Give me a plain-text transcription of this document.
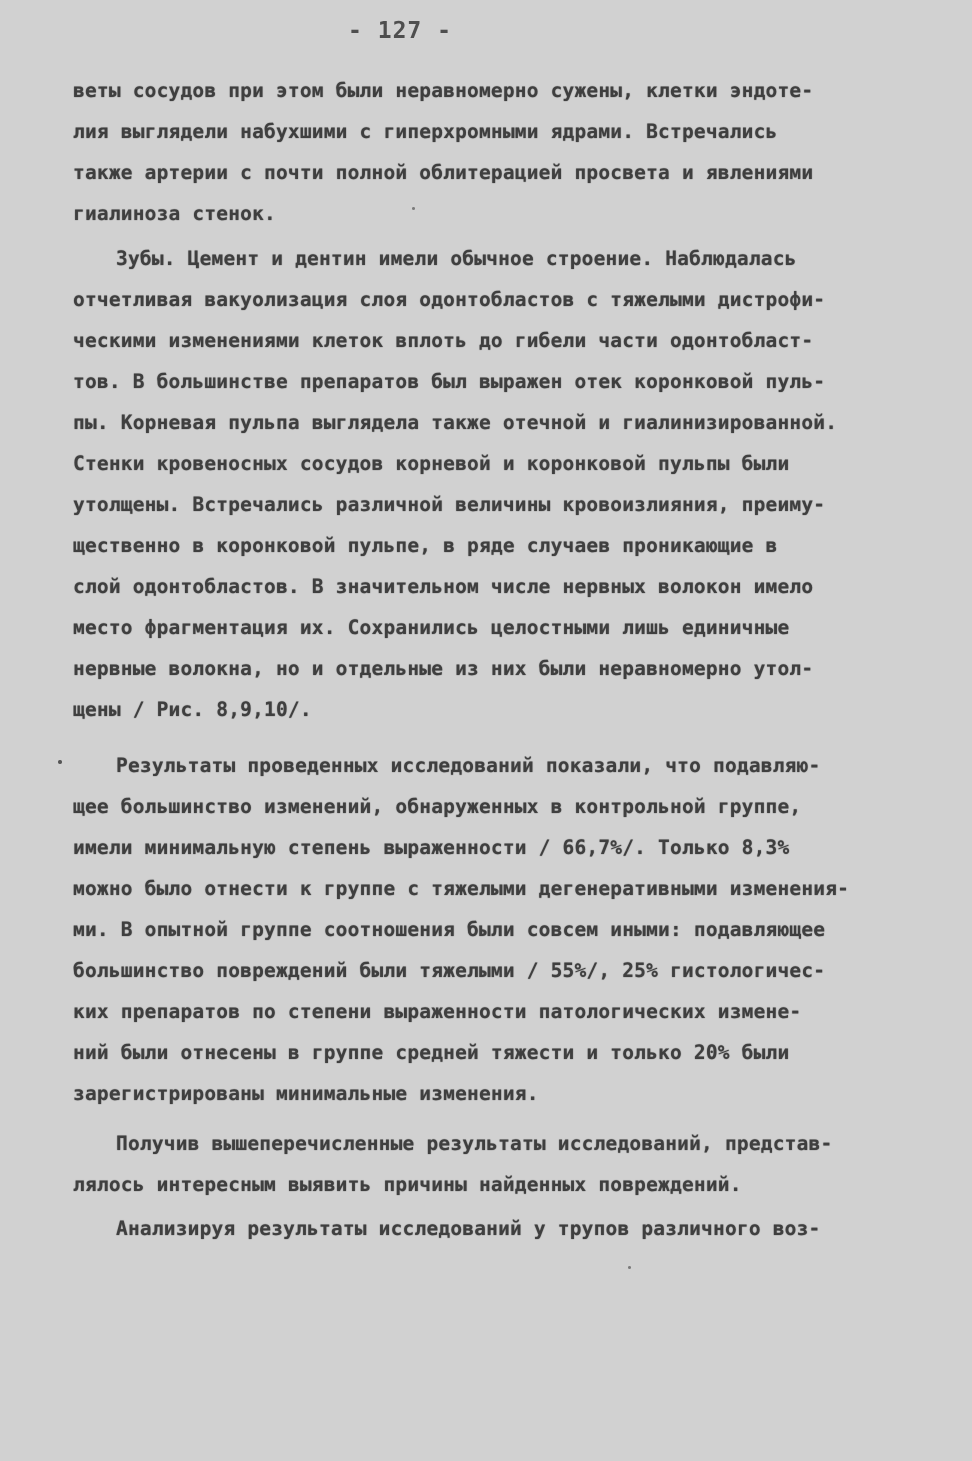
- 127 -
веты сосудов при этом были неравномерно сужены, клетки эндоте-
лия выглядели набухшими с гиперхромными ядрами. Встречались
также артерии с почти полной облитерацией просвета и явлениями
гиалиноза стенок.
Зубы. Цемент и дентин имели обычное строение. Наблюдалась
отчетливая вакуолизация слоя одонтобластов с тяжелыми дистрофи-
ческими изменениями клеток вплоть до гибели части одонтобласт-
тов. В большинстве препаратов был выражен отек коронковой пуль-
пы. Корневая пульпа выглядела также отечной и гиалинизированной.
Стенки кровеносных сосудов корневой и коронковой пульпы были
утолщены. Встречались различной величины кровоизлияния, преиму-
щественно в коронковой пульпе, в ряде случаев проникающие в
слой одонтобластов. В значительном числе нервных волокон имело
место фрагментация их. Сохранились целостными лишь единичные
нервные волокна, но и отдельные из них были неравномерно утол-
щены / Рис. 8,9,10/.
Результаты проведенных исследований показали, что подавляю-
щее большинство изменений, обнаруженных в контрольной группе,
имели минимальную степень выраженности / 66,7%/. Только 8,3%
можно было отнести к группе с тяжелыми дегенеративными изменения-
ми. В опытной группе соотношения были совсем иными: подавляющее
большинство повреждений были тяжелыми / 55%/, 25% гистологичес-
ких препаратов по степени выраженности патологических измене-
ний были отнесены в группе средней тяжести и только 20% были
зарегистрированы минимальные изменения.
Получив вышеперечисленные результаты исследований, представ-
лялось интересным выявить причины найденных повреждений.
Анализируя результаты исследований у трупов различного воз-
